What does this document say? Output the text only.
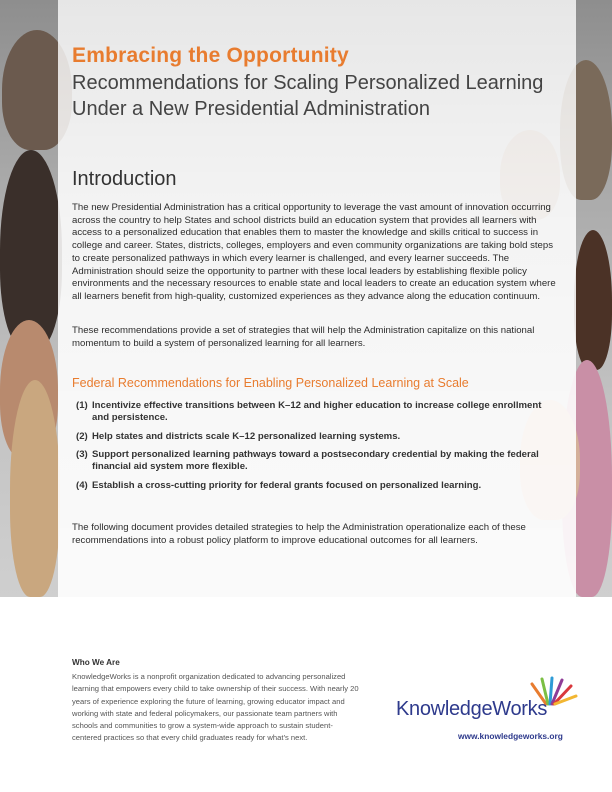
Embracing the Opportunity
Recommendations for Scaling Personalized Learning Under a New Presidential Administration
Introduction

The new Presidential Administration has a critical opportunity to leverage the vast amount of innovation occurring across the country to help States and school districts build an education system that provides all learners with access to a personalized education that enables them to master the knowledge and skills critical to success in college and career. States, districts, colleges, employers and even community organizations are taking bold steps to create personalized pathways in which every learner is challenged, and every learner succeeds. The Administration should seize the opportunity to partner with these local leaders by establishing flexible policy environments and the necessary resources to enable state and local leaders to create an education system where all learners benefit from high-quality, customized experiences as they advance along the education continuum.

These recommendations provide a set of strategies that will help the Administration capitalize on this national momentum to build a system of personalized learning for all learners.

Federal Recommendations for Enabling Personalized Learning at Scale
(1) Incentivize effective transitions between K–12 and higher education to increase college enrollment and persistence.
(2) Help states and districts scale K–12 personalized learning systems.
(3) Support personalized learning pathways toward a postsecondary credential by making the federal financial aid system more flexible.
(4) Establish a cross-cutting priority for federal grants focused on personalized learning.

The following document provides detailed strategies to help the Administration operationalize each of these recommendations into a robust policy platform to improve educational outcomes for all learners.

Who We Are

KnowledgeWorks is a nonprofit organization dedicated to advancing personalized learning that empowers every child to take ownership of their success. With nearly 20 years of experience exploring the future of learning, growing educator impact and working with state and federal policymakers, our passionate team partners with schools and communities to grow a system-wide approach to sustain student-centered practices so that every child graduates ready for what’s next.

KnowledgeWorks

www.knowledgeworks.org
